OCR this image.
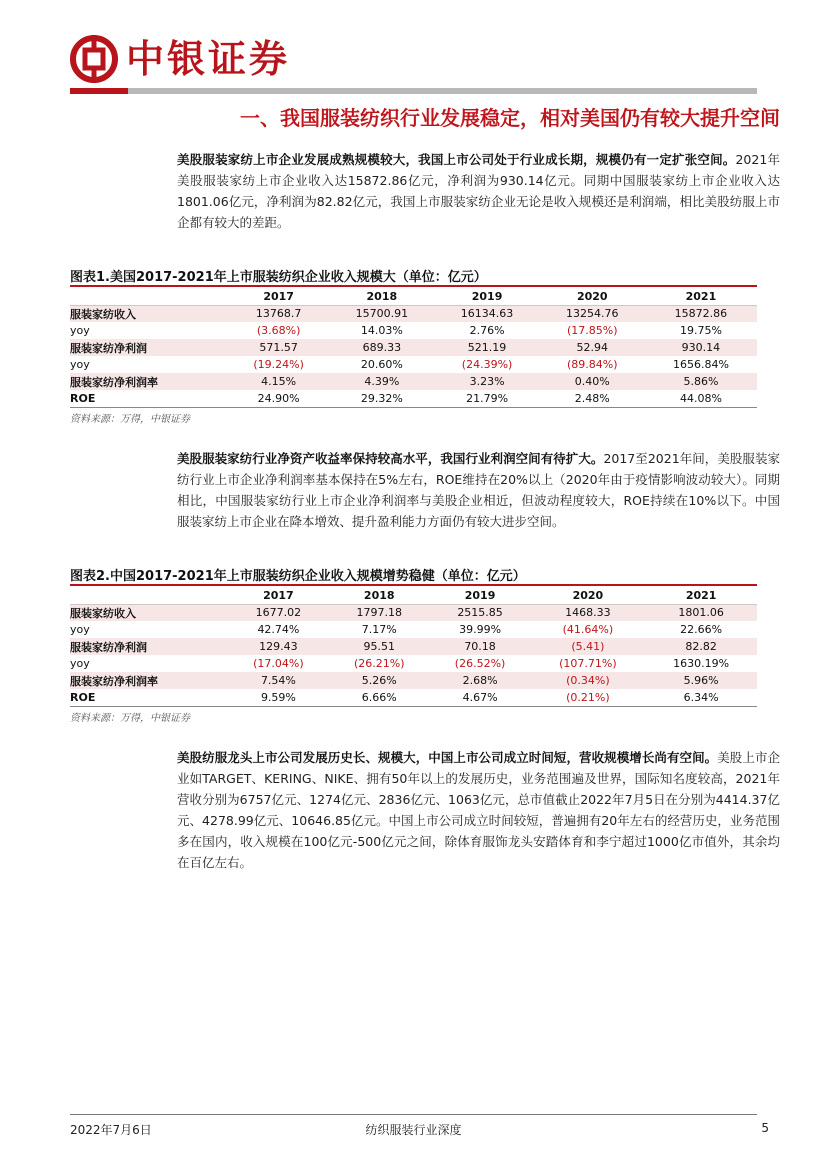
中银证券
一、我国服装纺织行业发展稳定，相对美国仍有较大提升空间
美股服装家纺上市企业发展成熟规模较大，我国上市公司处于行业成长期，规模仍有一定扩张空间。2021年美股服装家纺上市企业收入达15872.86亿元，净利润为930.14亿元。同期中国服装家纺上市企业收入达1801.06亿元，净利润为82.82亿元，我国上市服装家纺企业无论是收入规模还是利润端，相比美股纺服上市企都有较大的差距。
图表1.美国2017-2021年上市服装纺织企业收入规模大（单位：亿元）
	2017	2018	2019	2020	2021
服装家纺收入	13768.7	15700.91	16134.63	13254.76	15872.86
yoy	(3.68%)	14.03%	2.76%	(17.85%)	19.75%
服装家纺净利润	571.57	689.33	521.19	52.94	930.14
yoy	(19.24%)	20.60%	(24.39%)	(89.84%)	1656.84%
服装家纺净利润率	4.15%	4.39%	3.23%	0.40%	5.86%
ROE	24.90%	29.32%	21.79%	2.48%	44.08%
资料来源：万得，中银证券
美股服装家纺行业净资产收益率保持较高水平，我国行业利润空间有待扩大。2017至2021年间，美股服装家纺行业上市企业净利润率基本保持在5%左右，ROE维持在20%以上（2020年由于疫情影响波动较大）。同期相比，中国服装家纺行业上市企业净利润率与美股企业相近，但波动程度较大，ROE持续在10%以下。中国服装家纺上市企业在降本增效、提升盈利能力方面仍有较大进步空间。
图表2.中国2017-2021年上市服装纺织企业收入规模增势稳健（单位：亿元）
	2017	2018	2019	2020	2021
服装家纺收入	1677.02	1797.18	2515.85	1468.33	1801.06
yoy	42.74%	7.17%	39.99%	(41.64%)	22.66%
服装家纺净利润	129.43	95.51	70.18	(5.41)	82.82
yoy	(17.04%)	(26.21%)	(26.52%)	(107.71%)	1630.19%
服装家纺净利润率	7.54%	5.26%	2.68%	(0.34%)	5.96%
ROE	9.59%	6.66%	4.67%	(0.21%)	6.34%
资料来源：万得，中银证券
美股纺服龙头上市公司发展历史长、规模大，中国上市公司成立时间短，营收规模增长尚有空间。美股上市企业如TARGET、KERING、NIKE、拥有50年以上的发展历史，业务范围遍及世界，国际知名度较高，2021年营收分别为6757亿元、1274亿元、2836亿元、1063亿元，总市值截止2022年7月5日在分别为4414.37亿元、4278.99亿元、10646.85亿元。中国上市公司成立时间较短，普遍拥有20年左右的经营历史，业务范围多在国内，收入规模在100亿元-500亿元之间，除体育服饰龙头安踏体育和李宁超过1000亿市值外，其余均在百亿左右。
纺织服装行业深度
2022年7月6日	5
